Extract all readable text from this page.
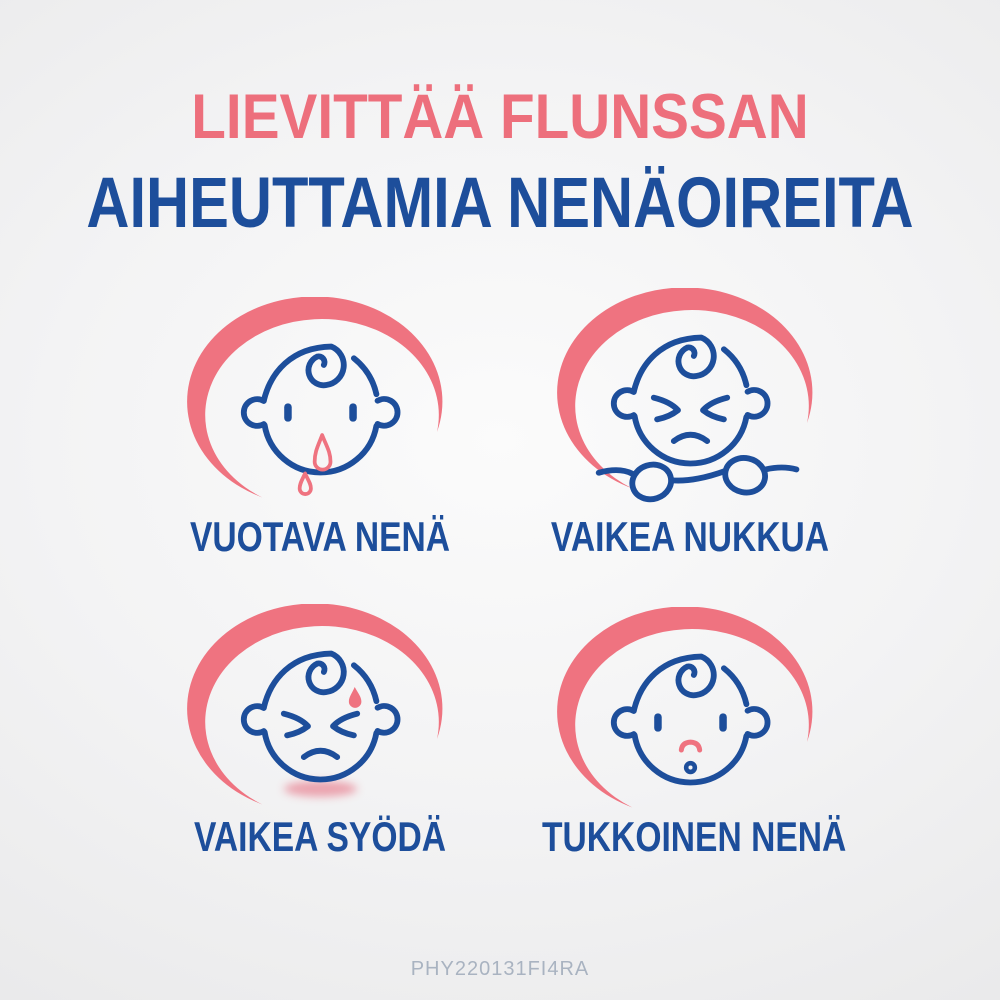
LIEVITTÄÄ FLUNSSAN
AIHEUTTAMIA NENÄOIREITA
VUOTAVA NENÄ	VAIKEA NUKKUA
VAIKEA SYÖDÄ	TUKKOINEN NENÄ
PHY220131FI4RA
